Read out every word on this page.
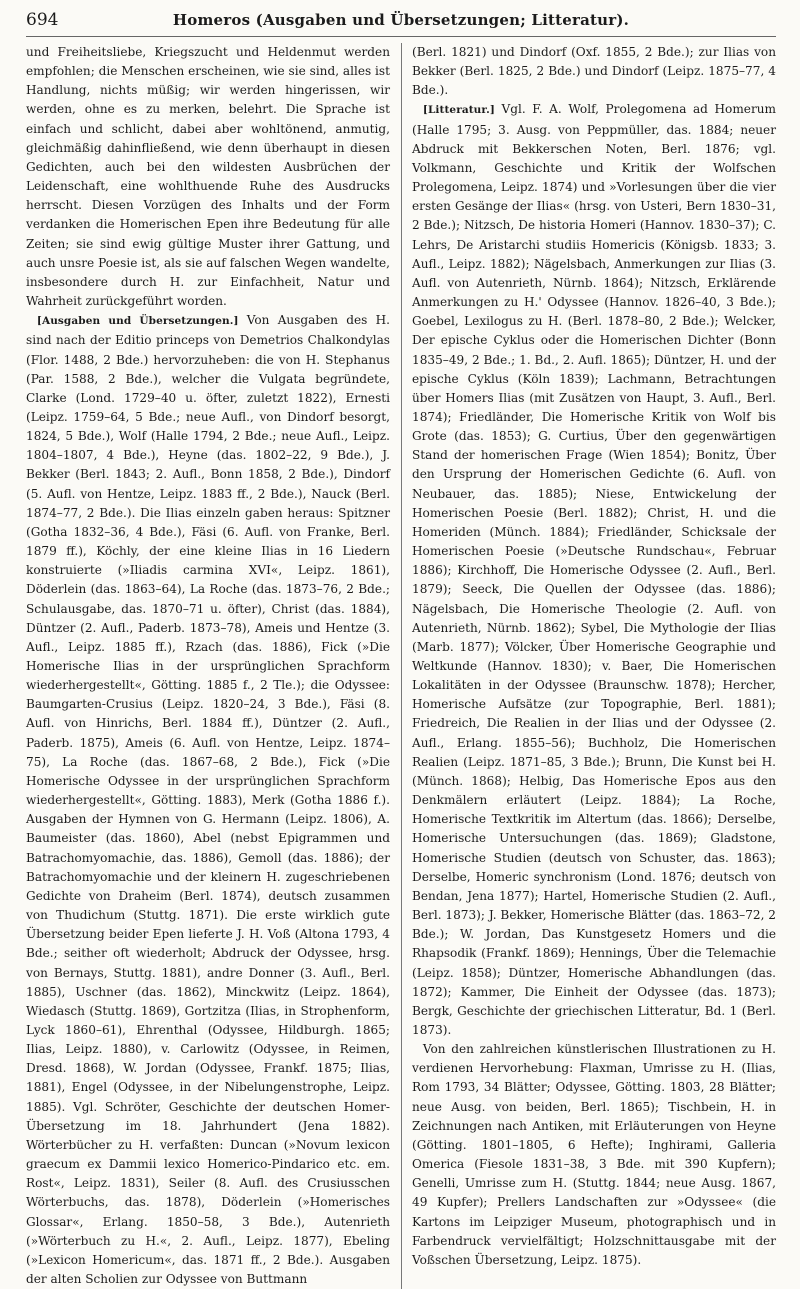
694	Homeros (Ausgaben und Übersetzungen; Litteratur).

und Freiheitsliebe, Kriegszucht und Heldenmut werden empfohlen; die Menschen erscheinen, wie sie sind, alles ist Handlung, nichts müßig; wir werden hingerissen, wir werden, ohne es zu merken, belehrt. Die Sprache ist einfach und schlicht, dabei aber wohltönend, anmutig, gleichmäßig dahinfließend, wie denn überhaupt in diesen Gedichten, auch bei den wildesten Ausbrüchen der Leidenschaft, eine wohlthuende Ruhe des Ausdrucks herrscht. Diesen Vorzügen des Inhalts und der Form verdanken die Homerischen Epen ihre Bedeutung für alle Zeiten; sie sind ewig gültige Muster ihrer Gattung, und auch unsre Poesie ist, als sie auf falschen Wegen wandelte, insbesondere durch H. zur Einfachheit, Natur und Wahrheit zurückgeführt worden.

[Ausgaben und Übersetzungen.] Von Ausgaben des H. sind nach der Editio princeps von Demetrios Chalkondylas (Flor. 1488, 2 Bde.) hervorzuheben: die von H. Stephanus (Par. 1588, 2 Bde.), welcher die Vulgata begründete, Clarke (Lond. 1729–40 u. öfter, zuletzt 1822), Ernesti (Leipz. 1759–64, 5 Bde.; neue Aufl., von Dindorf besorgt, 1824, 5 Bde.), Wolf (Halle 1794, 2 Bde.; neue Aufl., Leipz. 1804–1807, 4 Bde.), Heyne (das. 1802–22, 9 Bde.), J. Bekker (Berl. 1843; 2. Aufl., Bonn 1858, 2 Bde.), Dindorf (5. Aufl. von Hentze, Leipz. 1883 ff., 2 Bde.), Nauck (Berl. 1874–77, 2 Bde.). Die Ilias einzeln gaben heraus: Spitzner (Gotha 1832–36, 4 Bde.), Fäsi (6. Aufl. von Franke, Berl. 1879 ff.), Köchly, der eine kleine Ilias in 16 Liedern konstruierte (»Iliadis carmina XVI«, Leipz. 1861), Döderlein (das. 1863–64), La Roche (das. 1873–76, 2 Bde.; Schulausgabe, das. 1870–71 u. öfter), Christ (das. 1884), Düntzer (2. Aufl., Paderb. 1873–78), Ameis und Hentze (3. Aufl., Leipz. 1885 ff.), Rzach (das. 1886), Fick (»Die Homerische Ilias in der ursprünglichen Sprachform wiederhergestellt«, Götting. 1885 f., 2 Tle.); die Odyssee: Baumgarten-Crusius (Leipz. 1820–24, 3 Bde.), Fäsi (8. Aufl. von Hinrichs, Berl. 1884 ff.), Düntzer (2. Aufl., Paderb. 1875), Ameis (6. Aufl. von Hentze, Leipz. 1874–75), La Roche (das. 1867–68, 2 Bde.), Fick (»Die Homerische Odyssee in der ursprünglichen Sprachform wiederhergestellt«, Götting. 1883), Merk (Gotha 1886 f.). Ausgaben der Hymnen von G. Hermann (Leipz. 1806), A. Baumeister (das. 1860), Abel (nebst Epigrammen und Batrachomyomachie, das. 1886), Gemoll (das. 1886); der Batrachomyomachie und der kleinern H. zugeschriebenen Gedichte von Draheim (Berl. 1874), deutsch zusammen von Thudichum (Stuttg. 1871). Die erste wirklich gute Übersetzung beider Epen lieferte J. H. Voß (Altona 1793, 4 Bde.; seither oft wiederholt; Abdruck der Odyssee, hrsg. von Bernays, Stuttg. 1881), andre Donner (3. Aufl., Berl. 1885), Uschner (das. 1862), Minckwitz (Leipz. 1864), Wiedasch (Stuttg. 1869), Gortzitza (Ilias, in Strophenform, Lyck 1860–61), Ehrenthal (Odyssee, Hildburgh. 1865; Ilias, Leipz. 1880), v. Carlowitz (Odyssee, in Reimen, Dresd. 1868), W. Jordan (Odyssee, Frankf. 1875; Ilias, 1881), Engel (Odyssee, in der Nibelungenstrophe, Leipz. 1885). Vgl. Schröter, Geschichte der deutschen Homer-Übersetzung im 18. Jahrhundert (Jena 1882). Wörterbücher zu H. verfaßten: Duncan (»Novum lexicon graecum ex Dammii lexico Homerico-Pindarico etc. em. Rost«, Leipz. 1831), Seiler (8. Aufl. des Crusiusschen Wörterbuchs, das. 1878), Döderlein (»Homerisches Glossar«, Erlang. 1850–58, 3 Bde.), Autenrieth (»Wörterbuch zu H.«, 2. Aufl., Leipz. 1877), Ebeling (»Lexicon Homericum«, das. 1871 ff., 2 Bde.). Ausgaben der alten Scholien zur Odyssee von Buttmann

(Berl. 1821) und Dindorf (Oxf. 1855, 2 Bde.); zur Ilias von Bekker (Berl. 1825, 2 Bde.) und Dindorf (Leipz. 1875–77, 4 Bde.).

[Litteratur.] Vgl. F. A. Wolf, Prolegomena ad Homerum (Halle 1795; 3. Ausg. von Peppmüller, das. 1884; neuer Abdruck mit Bekkerschen Noten, Berl. 1876; vgl. Volkmann, Geschichte und Kritik der Wolfschen Prolegomena, Leipz. 1874) und »Vorlesungen über die vier ersten Gesänge der Ilias« (hrsg. von Usteri, Bern 1830–31, 2 Bde.); Nitzsch, De historia Homeri (Hannov. 1830–37); C. Lehrs, De Aristarchi studiis Homericis (Königsb. 1833; 3. Aufl., Leipz. 1882); Nägelsbach, Anmerkungen zur Ilias (3. Aufl. von Autenrieth, Nürnb. 1864); Nitzsch, Erklärende Anmerkungen zu H.' Odyssee (Hannov. 1826–40, 3 Bde.); Goebel, Lexilogus zu H. (Berl. 1878–80, 2 Bde.); Welcker, Der epische Cyklus oder die Homerischen Dichter (Bonn 1835–49, 2 Bde.; 1. Bd., 2. Aufl. 1865); Düntzer, H. und der epische Cyklus (Köln 1839); Lachmann, Betrachtungen über Homers Ilias (mit Zusätzen von Haupt, 3. Aufl., Berl. 1874); Friedländer, Die Homerische Kritik von Wolf bis Grote (das. 1853); G. Curtius, Über den gegenwärtigen Stand der homerischen Frage (Wien 1854); Bonitz, Über den Ursprung der Homerischen Gedichte (6. Aufl. von Neubauer, das. 1885); Niese, Entwickelung der Homerischen Poesie (Berl. 1882); Christ, H. und die Homeriden (Münch. 1884); Friedländer, Schicksale der Homerischen Poesie (»Deutsche Rundschau«, Februar 1886); Kirchhoff, Die Homerische Odyssee (2. Aufl., Berl. 1879); Seeck, Die Quellen der Odyssee (das. 1886); Nägelsbach, Die Homerische Theologie (2. Aufl. von Autenrieth, Nürnb. 1862); Sybel, Die Mythologie der Ilias (Marb. 1877); Völcker, Über Homerische Geographie und Weltkunde (Hannov. 1830); v. Baer, Die Homerischen Lokalitäten in der Odyssee (Braunschw. 1878); Hercher, Homerische Aufsätze (zur Topographie, Berl. 1881); Friedreich, Die Realien in der Ilias und der Odyssee (2. Aufl., Erlang. 1855–56); Buchholz, Die Homerischen Realien (Leipz. 1871–85, 3 Bde.); Brunn, Die Kunst bei H. (Münch. 1868); Helbig, Das Homerische Epos aus den Denkmälern erläutert (Leipz. 1884); La Roche, Homerische Textkritik im Altertum (das. 1866); Derselbe, Homerische Untersuchungen (das. 1869); Gladstone, Homerische Studien (deutsch von Schuster, das. 1863); Derselbe, Homeric synchronism (Lond. 1876; deutsch von Bendan, Jena 1877); Hartel, Homerische Studien (2. Aufl., Berl. 1873); J. Bekker, Homerische Blätter (das. 1863–72, 2 Bde.); W. Jordan, Das Kunstgesetz Homers und die Rhapsodik (Frankf. 1869); Hennings, Über die Telemachie (Leipz. 1858); Düntzer, Homerische Abhandlungen (das. 1872); Kammer, Die Einheit der Odyssee (das. 1873); Bergk, Geschichte der griechischen Litteratur, Bd. 1 (Berl. 1873).

Von den zahlreichen künstlerischen Illustrationen zu H. verdienen Hervorhebung: Flaxman, Umrisse zu H. (Ilias, Rom 1793, 34 Blätter; Odyssee, Götting. 1803, 28 Blätter; neue Ausg. von beiden, Berl. 1865); Tischbein, H. in Zeichnungen nach Antiken, mit Erläuterungen von Heyne (Götting. 1801–1805, 6 Hefte); Inghirami, Galleria Omerica (Fiesole 1831–38, 3 Bde. mit 390 Kupfern); Genelli, Umrisse zum H. (Stuttg. 1844; neue Ausg. 1867, 49 Kupfer); Prellers Landschaften zur »Odyssee« (die Kartons im Leipziger Museum, photographisch und in Farbendruck vervielfältigt; Holzschnittausgabe mit der Voßschen Übersetzung, Leipz. 1875).
